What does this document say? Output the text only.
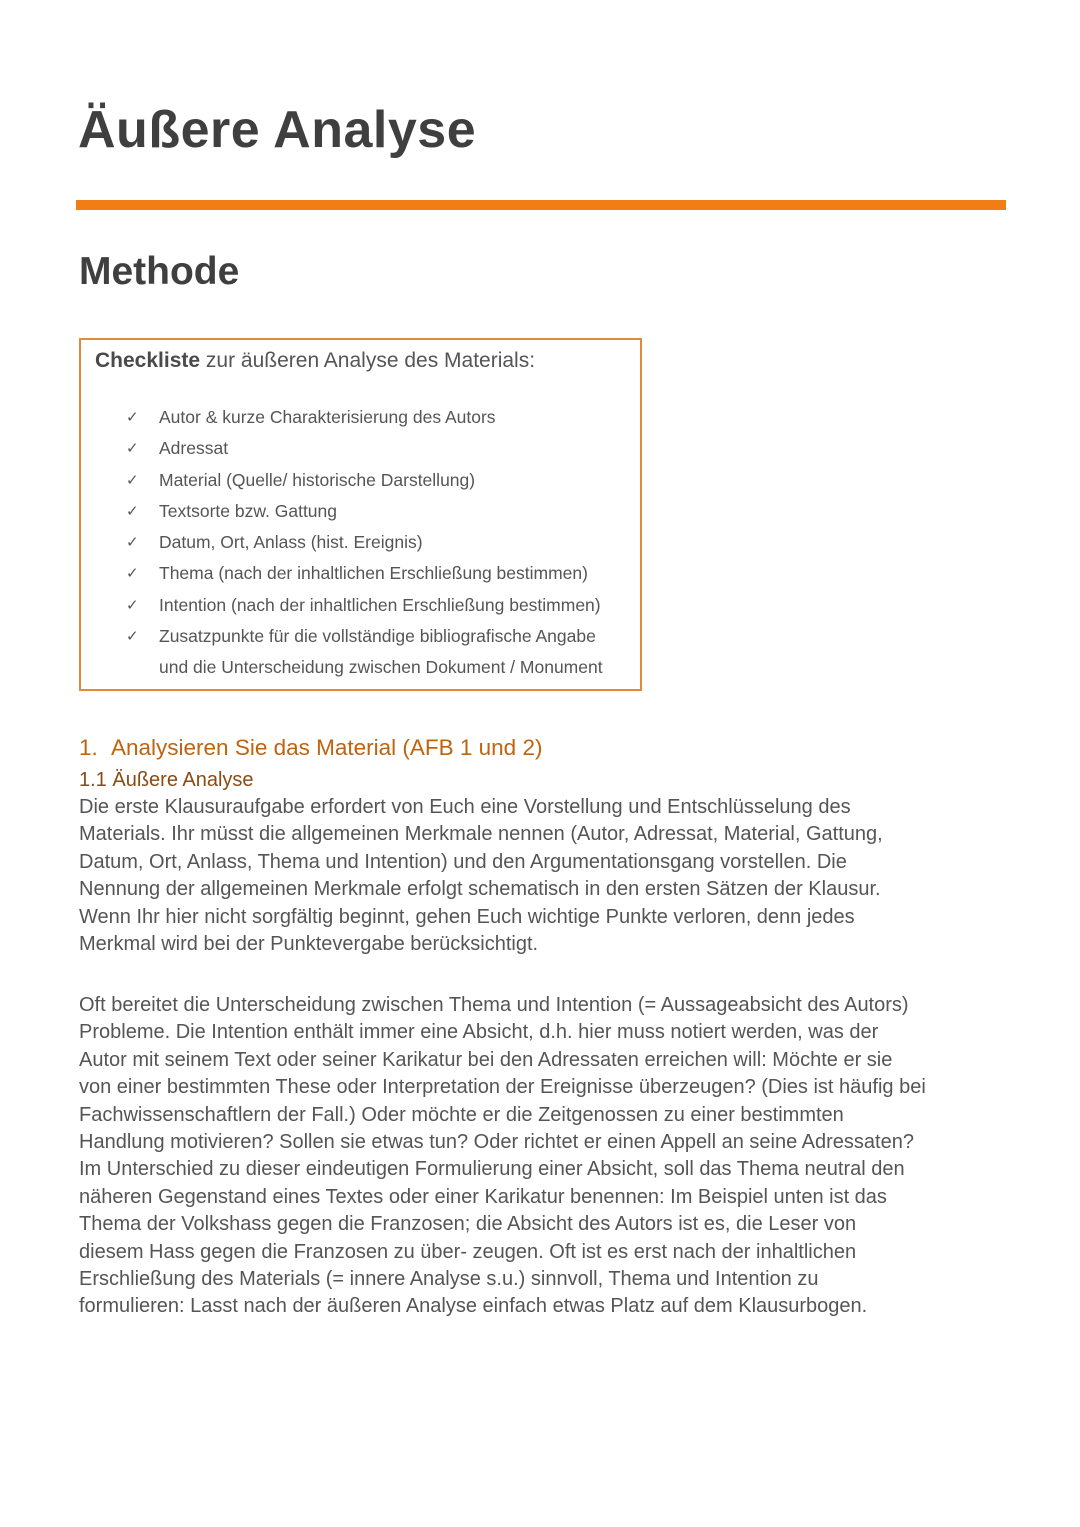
Äußere Analyse
Methode
Checkliste zur äußeren Analyse des Materials:
✓ Autor & kurze Charakterisierung des Autors
✓ Adressat
✓ Material (Quelle/ historische Darstellung)
✓ Textsorte bzw. Gattung
✓ Datum, Ort, Anlass (hist. Ereignis)
✓ Thema (nach der inhaltlichen Erschließung bestimmen)
✓ Intention (nach der inhaltlichen Erschließung bestimmen)
✓ Zusatzpunkte für die vollständige bibliografische Angabe
und die Unterscheidung zwischen Dokument / Monument
1. Analysieren Sie das Material (AFB 1 und 2)
1.1 Äußere Analyse

Die erste Klausuraufgabe erfordert von Euch eine Vorstellung und Entschlüsselung des
Materials. Ihr müsst die allgemeinen Merkmale nennen (Autor, Adressat, Material, Gattung,
Datum, Ort, Anlass, Thema und Intention) und den Argumentationsgang vorstellen. Die
Nennung der allgemeinen Merkmale erfolgt schematisch in den ersten Sätzen der Klausur.
Wenn Ihr hier nicht sorgfältig beginnt, gehen Euch wichtige Punkte verloren, denn jedes
Merkmal wird bei der Punktevergabe berücksichtigt.

Oft bereitet die Unterscheidung zwischen Thema und Intention (= Aussageabsicht des Autors)
Probleme. Die Intention enthält immer eine Absicht, d.h. hier muss notiert werden, was der
Autor mit seinem Text oder seiner Karikatur bei den Adressaten erreichen will: Möchte er sie
von einer bestimmten These oder Interpretation der Ereignisse überzeugen? (Dies ist häufig bei
Fachwissenschaftlern der Fall.) Oder möchte er die Zeitgenossen zu einer bestimmten
Handlung motivieren? Sollen sie etwas tun? Oder richtet er einen Appell an seine Adressaten?
Im Unterschied zu dieser eindeutigen Formulierung einer Absicht, soll das Thema neutral den
näheren Gegenstand eines Textes oder einer Karikatur benennen: Im Beispiel unten ist das
Thema der Volkshass gegen die Franzosen; die Absicht des Autors ist es, die Leser von
diesem Hass gegen die Franzosen zu über- zeugen. Oft ist es erst nach der inhaltlichen
Erschließung des Materials (= innere Analyse s.u.) sinnvoll, Thema und Intention zu
formulieren: Lasst nach der äußeren Analyse einfach etwas Platz auf dem Klausurbogen.
